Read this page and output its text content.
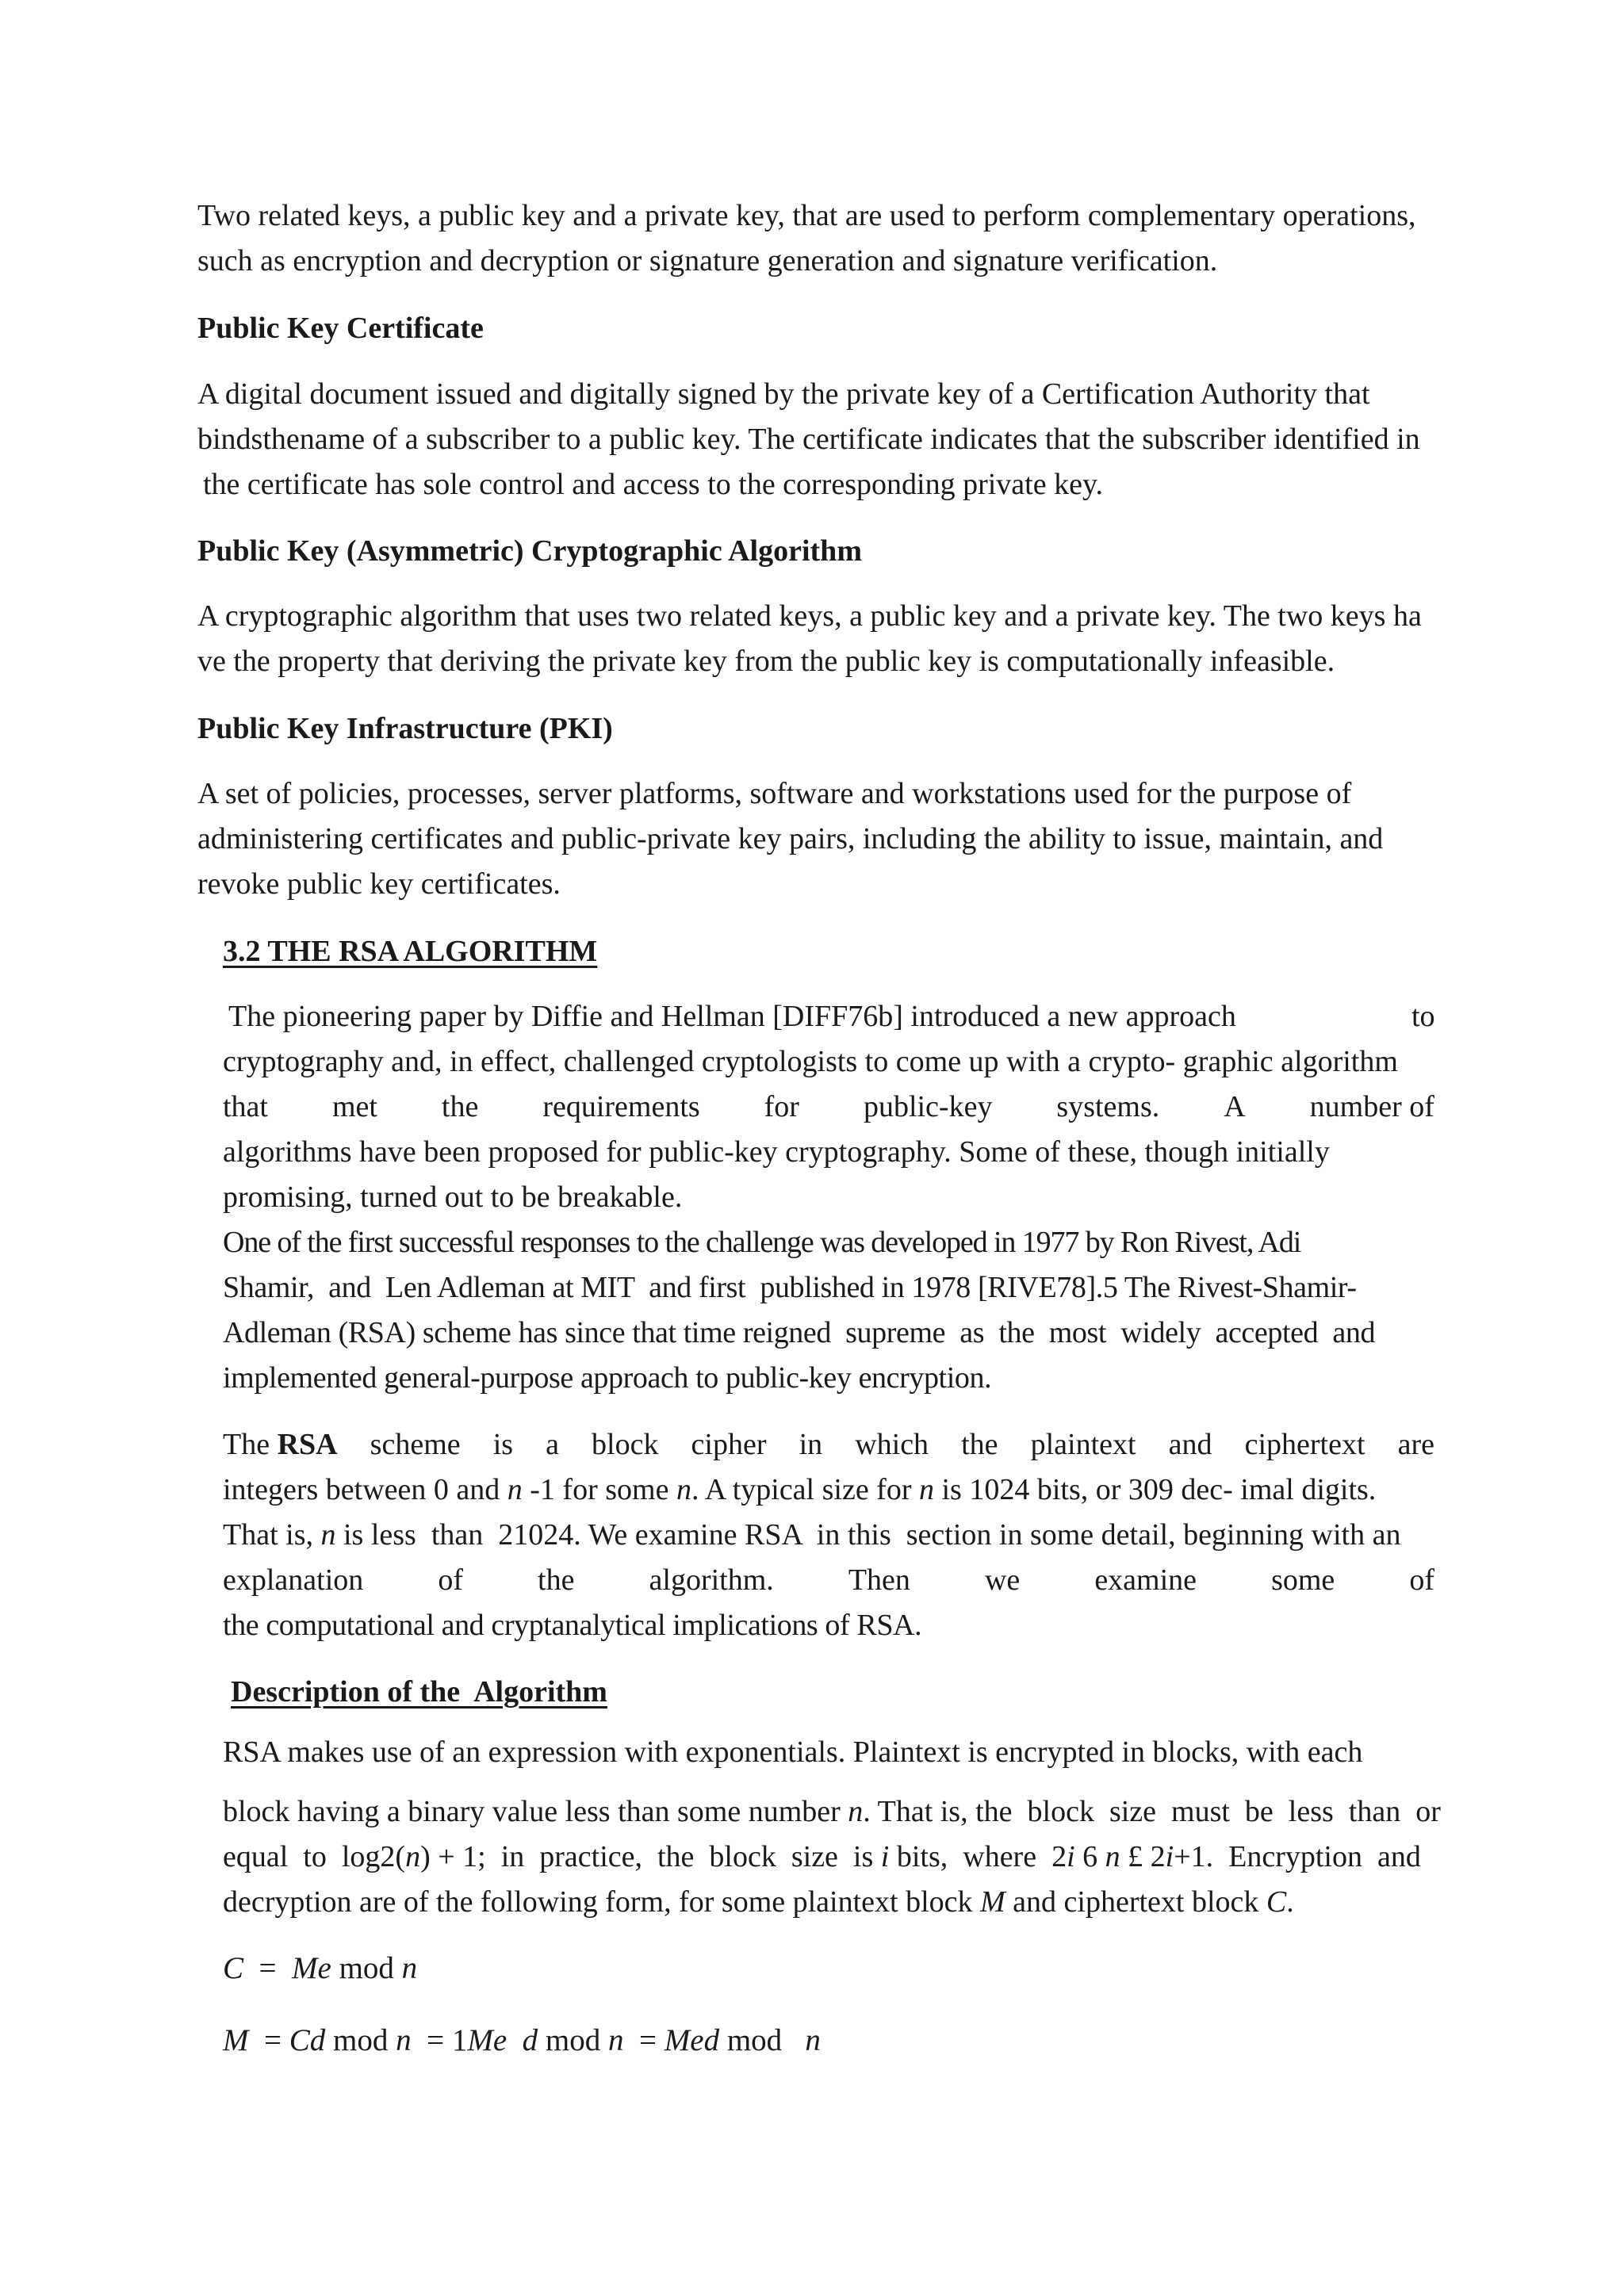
Two related keys, a public key and a private key, that are used to perform complementary operations,
such as encryption and decryption or signature generation and signature verification.
Public Key Certificate
A digital document issued and digitally signed by the private key of a Certification Authority that
bindsthename of a subscriber to a public key. The certificate indicates that the subscriber identified in
the certificate has sole control and access to the corresponding private key.
Public Key (Asymmetric) Cryptographic Algorithm
A cryptographic algorithm that uses two related keys, a public key and a private key. The two keys ha
ve the property that deriving the private key from the public key is computationally infeasible.
Public Key Infrastructure (PKI)
A set of policies, processes, server platforms, software and workstations used for the purpose of
administering certificates and public-private key pairs, including the ability to issue, maintain, and
revoke public key certificates.
3.2 THE RSA ALGORITHM
The pioneering paper by Diffie and Hellman [DIFF76b] introduced a new approach	to
cryptography and, in effect, challenged cryptologists to come up with a crypto- graphic algorithm
that met the requirements for public-key systems. A number of
algorithms have been proposed for public-key cryptography. Some of these, though initially
promising, turned out to be breakable.
One of the first successful responses to the challenge was developed in 1977 by Ron Rivest, Adi
Shamir,  and  Len Adleman at MIT  and first  published in 1978 [RIVE78].5 The Rivest-Shamir-
Adleman (RSA) scheme has since that time reigned  supreme  as  the  most  widely  accepted  and
implemented general-purpose approach to public-key encryption.
The RSA scheme is a block cipher in which the plaintext and ciphertext are
integers between 0 and n -1 for some n. A typical size for n is 1024 bits, or 309 dec- imal digits.
That is, n is less  than  21024. We examine RSA  in this  section in some detail, beginning with an
explanation of the algorithm. Then we examine some of
the computational and cryptanalytical implications of RSA.
Description of the  Algorithm
RSA makes use of an expression with exponentials. Plaintext is encrypted in blocks, with each
block having a binary value less than some number n. That is, the  block  size  must  be  less  than  or
equal  to  log2(n) + 1;  in  practice,  the  block  size  is i bits,  where  2i 6 n £ 2i+1.  Encryption  and
decryption are of the following form, for some plaintext block M and ciphertext block C.
C  =  Me mod n
M  = Cd mod n  = 1Me d mod n  = Med mod   n
